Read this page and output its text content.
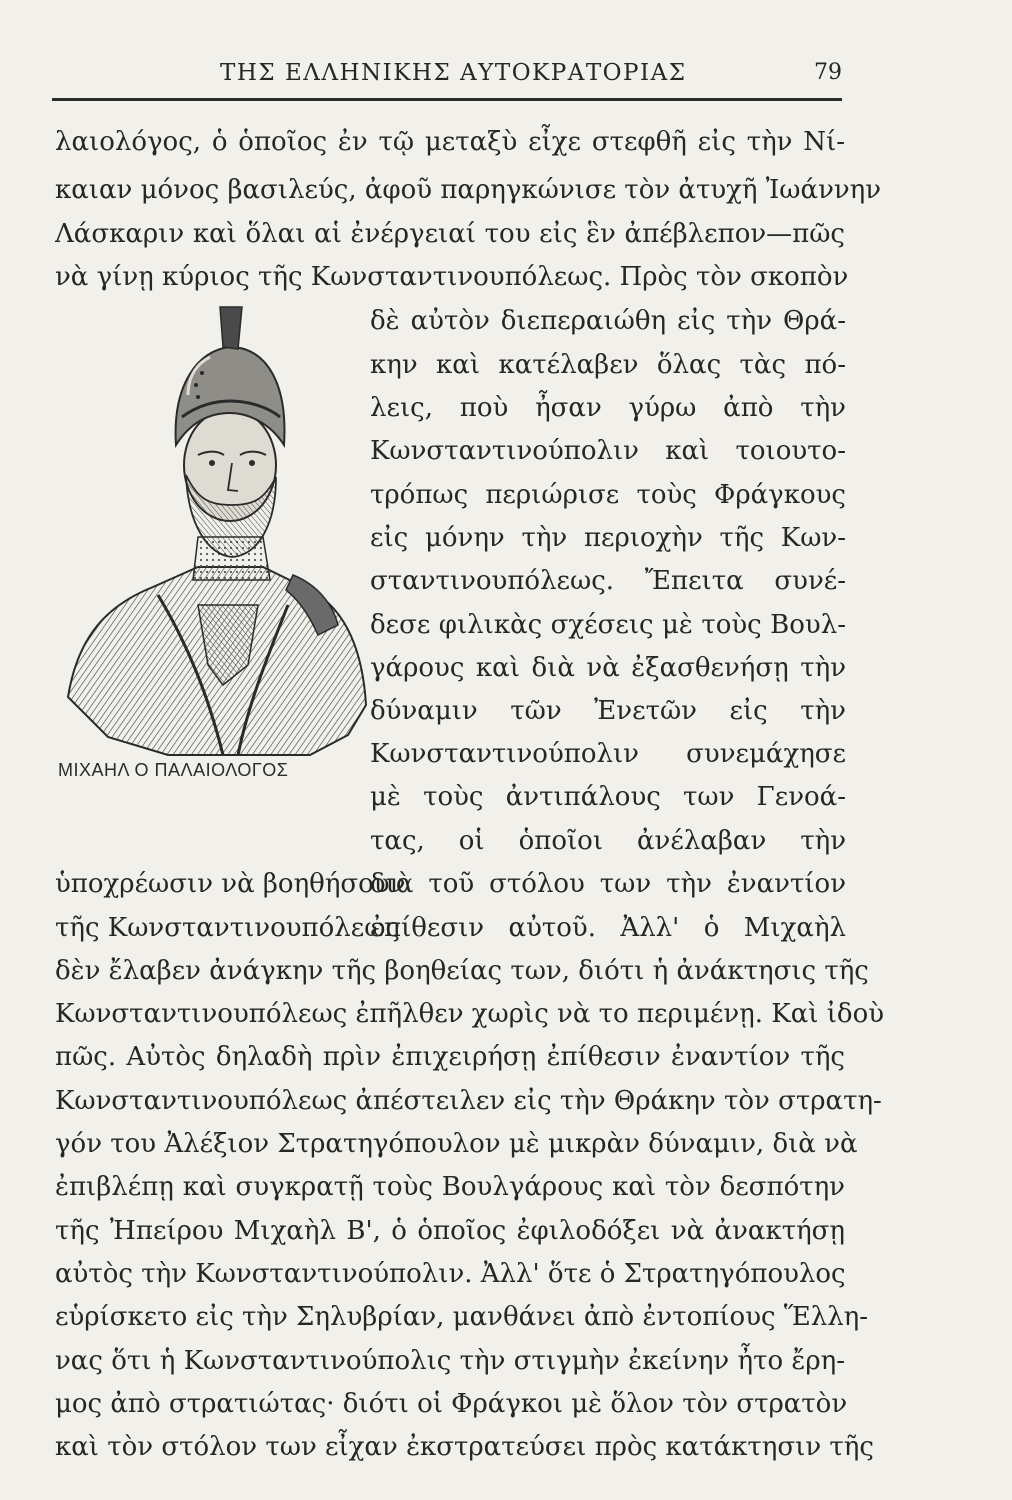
ΤΗΣ ΕΛΛΗΝΙΚΗΣ ΑΥΤΟΚΡΑΤΟΡΙΑΣ	79
λαιολόγος, ὁ ὁποῖος ἐν τῷ μεταξὺ εἶχε στεφθῆ εἰς τὴν Νί-
καιαν μόνος βασιλεύς, ἀφοῦ παρηγκώνισε τὸν ἀτυχῆ Ἰωάννην
Λάσκαριν καὶ ὅλαι αἱ ἐνέργειαί του εἰς ἓν ἀπέβλεπον—πῶς
νὰ γίνῃ κύριος τῆς Κωνσταντινουπόλεως. Πρὸς τὸν σκοπὸν
ΜΙΧΑΗΛ Ο ΠΑΛΑΙΟΛΟΓΟΣ
δὲ αὐτὸν διεπεραιώθη εἰς τὴν Θρά-
κην καὶ κατέλαβεν ὅλας τὰς πό-
λεις, ποὺ ἦσαν γύρω ἀπὸ τὴν
Κωνσταντινούπολιν καὶ τοιουτο-
τρόπως περιώρισε τοὺς Φράγκους
εἰς μόνην τὴν περιοχὴν τῆς Κων-
σταντινουπόλεως. Ἔπειτα συνέ-
δεσε φιλικὰς σχέσεις μὲ τοὺς Βουλ-
γάρους καὶ διὰ νὰ ἐξασθενήσῃ τὴν
δύναμιν τῶν Ἐνετῶν εἰς τὴν
Κωνσταντινούπολιν συνεμάχησε
μὲ τοὺς ἀντιπάλους των Γενοά-
τας, οἱ ὁποῖοι ἀνέλαβαν τὴν
ὑποχρέωσιν νὰ βοηθήσουν
διὰ τοῦ στόλου των τὴν ἐναντίον
τῆς Κωνσταντινουπόλεως
ἐπίθεσιν αὐτοῦ. Ἀλλ' ὁ Μιχαὴλ
δὲν ἔλαβεν ἀνάγκην τῆς βοηθείας των, διότι ἡ ἀνάκτησις τῆς
Κωνσταντινουπόλεως ἐπῆλθεν χωρὶς νὰ το περιμένῃ. Καὶ ἰδοὺ
πῶς. Αὐτὸς δηλαδὴ πρὶν ἐπιχειρήσῃ ἐπίθεσιν ἐναντίον τῆς
Κωνσταντινουπόλεως ἀπέστειλεν εἰς τὴν Θράκην τὸν στρατη-
γόν του Ἀλέξιον Στρατηγόπουλον μὲ μικρὰν δύναμιν, διὰ νὰ
ἐπιβλέπῃ καὶ συγκρατῇ τοὺς Βουλγάρους καὶ τὸν δεσπότην
τῆς Ἠπείρου Μιχαὴλ Β', ὁ ὁποῖος ἐφιλοδόξει νὰ ἀνακτήσῃ
αὐτὸς τὴν Κωνσταντινούπολιν. Ἀλλ' ὅτε ὁ Στρατηγόπουλος
εὑρίσκετο εἰς τὴν Σηλυβρίαν, μανθάνει ἀπὸ ἐντοπίους Ἕλλη-
νας ὅτι ἡ Κωνσταντινούπολις τὴν στιγμὴν ἐκείνην ἦτο ἔρη-
μος ἀπὸ στρατιώτας· διότι οἱ Φράγκοι μὲ ὅλον τὸν στρατὸν
καὶ τὸν στόλον των εἶχαν ἐκστρατεύσει πρὸς κατάκτησιν τῆς
